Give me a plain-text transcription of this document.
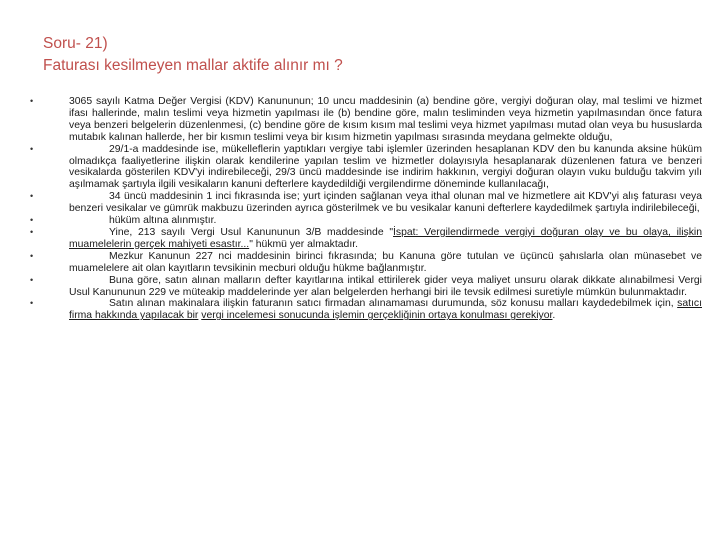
Soru- 21)
Faturası kesilmeyen mallar aktife alınır mı ?
•	3065 sayılı Katma Değer Vergisi (KDV) Kanununun; 10 uncu maddesinin (a) bendine göre, vergiyi doğuran olay, mal teslimi ve hizmet ifası hallerinde, malın teslimi veya hizmetin yapılması ile (b) bendine göre, malın tesliminden veya hizmetin yapılmasından önce fatura veya benzeri belgelerin düzenlenmesi, (c) bendine göre de kısım kısım mal teslimi veya hizmet yapılması mutad olan veya bu hususlarda mutabık kalınan hallerde, her bir kısmın teslimi veya bir kısım hizmetin yapılması sırasında meydana gelmekte olduğu,
•	29/1-a maddesinde ise, mükelleflerin yaptıkları vergiye tabi işlemler üzerinden hesaplanan KDV den bu kanunda aksine hüküm olmadıkça faaliyetlerine ilişkin olarak kendilerine yapılan teslim ve hizmetler dolayısıyla hesaplanarak düzenlenen fatura ve benzeri vesikalarda gösterilen KDV'yi indirebileceği, 29/3 üncü maddesinde ise indirim hakkının, vergiyi doğuran olayın vuku bulduğu takvim yılı aşılmamak şartıyla ilgili vesikaların kanuni defterlere kaydedildiği vergilendirme döneminde kullanılacağı,
•	34 üncü maddesinin 1 inci fıkrasında ise; yurt içinden sağlanan veya ithal olunan mal ve hizmetlere ait KDV'yi alış faturası veya benzeri vesikalar ve gümrük makbuzu üzerinden ayrıca gösterilmek ve bu vesikalar kanuni defterlere kaydedilmek şartıyla indirilebileceği,
•	hüküm altına alınmıştır.
•	Yine, 213 sayılı Vergi Usul Kanununun 3/B maddesinde "İspat: Vergilendirmede vergiyi doğuran olay ve bu olaya, ilişkin muamelelerin gerçek mahiyeti esastır..." hükmü yer almaktadır.
•	Mezkur Kanunun 227 nci maddesinin birinci fıkrasında; bu Kanuna göre tutulan ve üçüncü şahıslarla olan münasebet ve muamelelere ait olan kayıtların tevsikinin mecburi olduğu hükme bağlanmıştır.
•	Buna göre, satın alınan malların defter kayıtlarına intikal ettirilerek gider veya maliyet unsuru olarak dikkate alınabilmesi Vergi Usul Kanununun 229 ve müteakip maddelerinde yer alan belgelerden herhangi biri ile tevsik edilmesi suretiyle mümkün bulunmaktadır.
•	Satın alınan makinalara ilişkin faturanın satıcı firmadan alınamaması durumunda, söz konusu malları kaydedebilmek için, satıcı firma hakkında yapılacak bir vergi incelemesi sonucunda işlemin gerçekliğinin ortaya konulması gerekiyor.
